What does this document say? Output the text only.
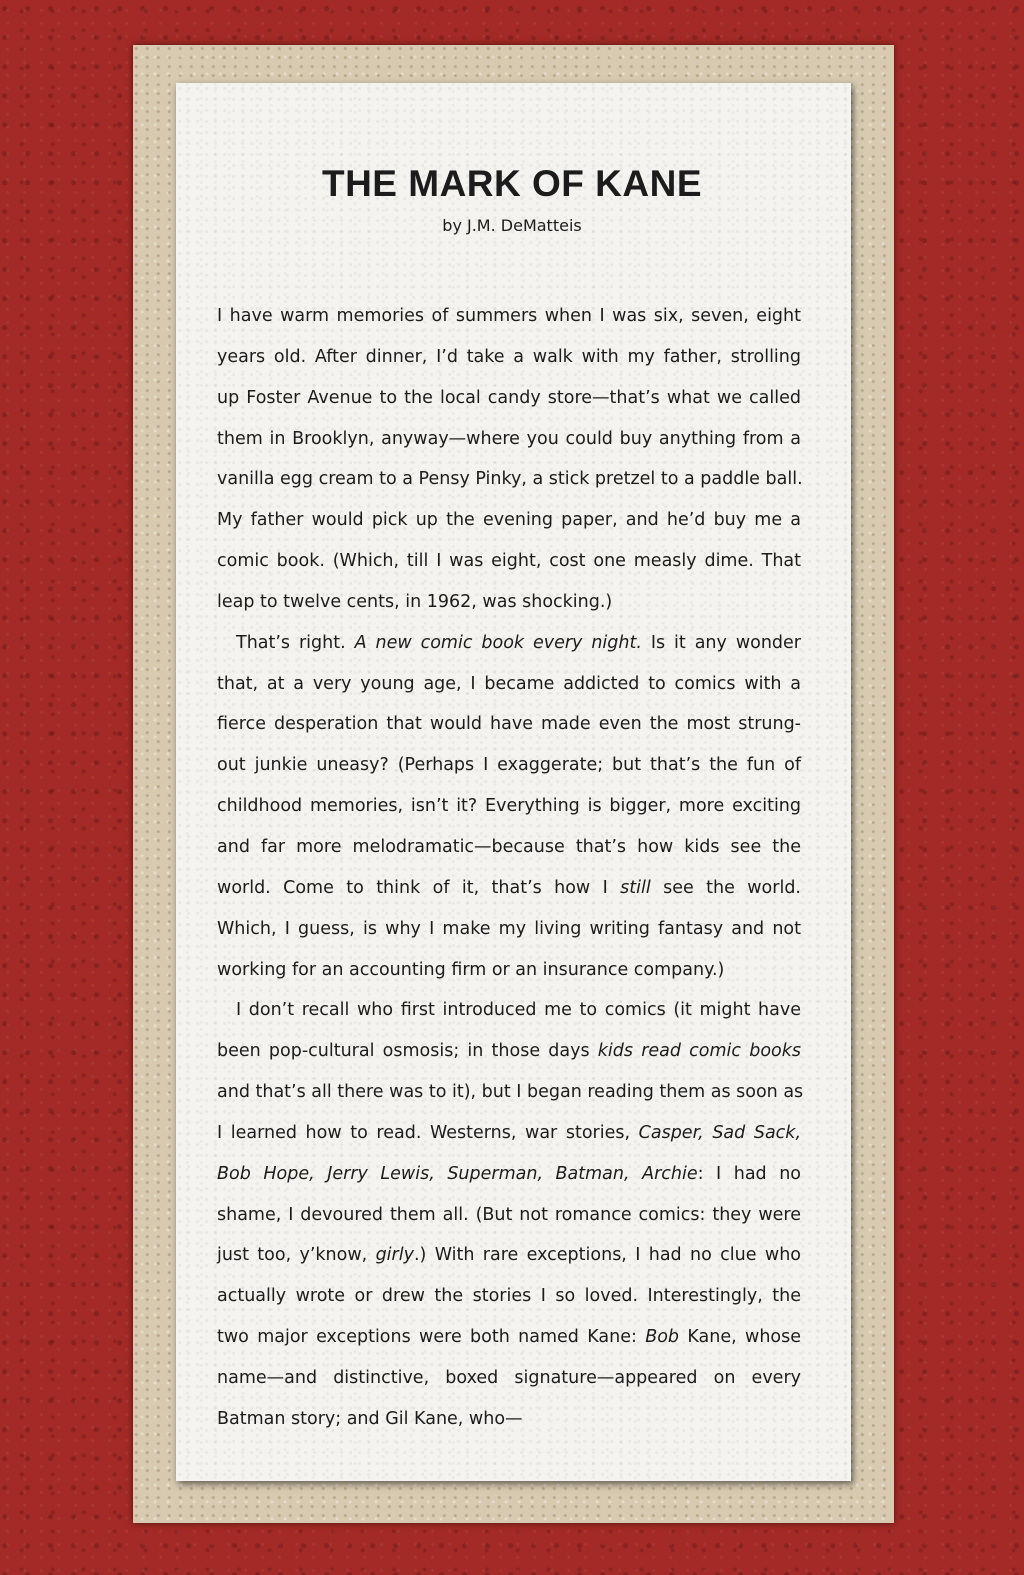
THE MARK OF KANE

by J.M. DeMatteis

I have warm memories of summers when I was six, seven, eight
years old. After dinner, I’d take a walk with my father, strolling
up Foster Avenue to the local candy store—that’s what we called
them in Brooklyn, anyway—where you could buy anything from a
vanilla egg cream to a Pensy Pinky, a stick pretzel to a paddle ball.
My father would pick up the evening paper, and he’d buy me a
comic book. (Which, till I was eight, cost one measly dime. That
leap to twelve cents, in 1962, was shocking.)
That’s right. A new comic book every night. Is it any wonder
that, at a very young age, I became addicted to comics with a
fierce desperation that would have made even the most strung-
out junkie uneasy? (Perhaps I exaggerate; but that’s the fun of
childhood memories, isn’t it? Everything is bigger, more exciting
and far more melodramatic—because that’s how kids see the
world. Come to think of it, that’s how I still see the world.
Which, I guess, is why I make my living writing fantasy and not
working for an accounting firm or an insurance company.)
I don’t recall who first introduced me to comics (it might have
been pop-cultural osmosis; in those days kids read comic books
and that’s all there was to it), but I began reading them as soon as
I learned how to read. Westerns, war stories, Casper, Sad Sack,
Bob Hope, Jerry Lewis, Superman, Batman, Archie: I had no
shame, I devoured them all. (But not romance comics: they were
just too, y’know, girly.) With rare exceptions, I had no clue who
actually wrote or drew the stories I so loved. Interestingly, the
two major exceptions were both named Kane: Bob Kane, whose
name—and distinctive, boxed signature—appeared on every
Batman story; and Gil Kane, who—
